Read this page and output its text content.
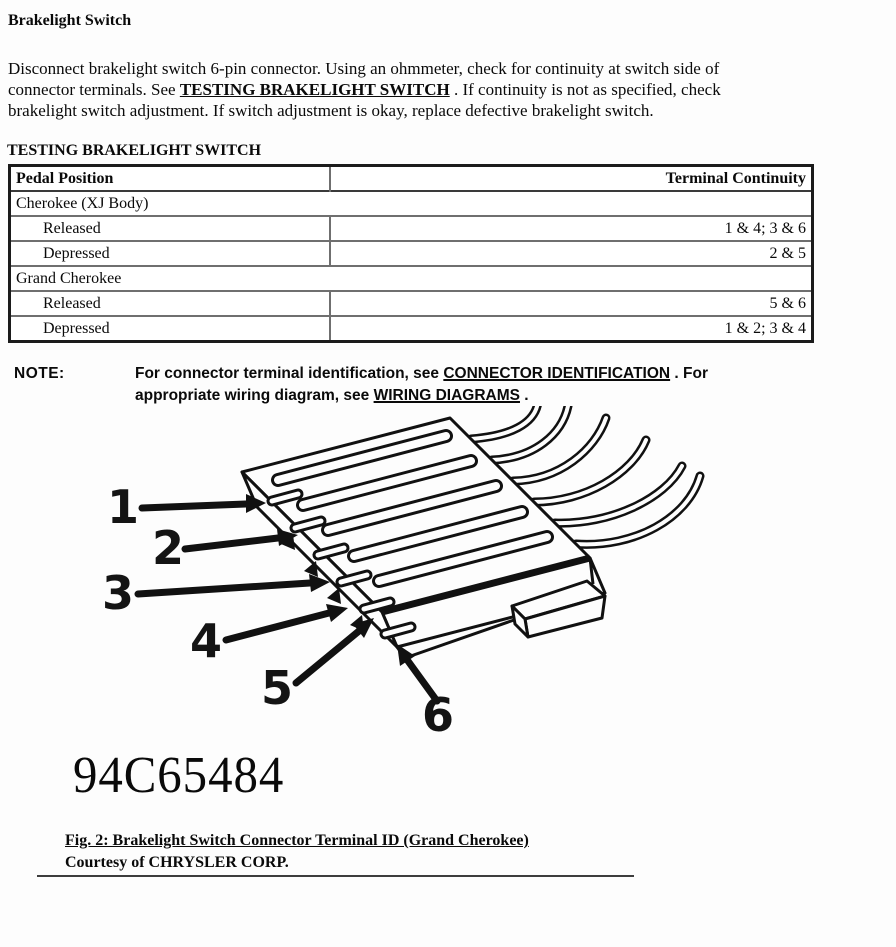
Brakelight Switch
Disconnect brakelight switch 6-pin connector. Using an ohmmeter, check for continuity at switch side of
connector terminals. See TESTING BRAKELIGHT SWITCH . If continuity is not as specified, check
brakelight switch adjustment. If switch adjustment is okay, replace defective brakelight switch.
TESTING BRAKELIGHT SWITCH
Pedal Position	Terminal Continuity
Cherokee (XJ Body)	
Released	1 & 4; 3 & 6
Depressed	2 & 5
Grand Cherokee	
Released	5 & 6
Depressed	1 & 2; 3 & 4
NOTE:	For connector terminal identification, see CONNECTOR IDENTIFICATION . For
appropriate wiring diagram, see WIRING DIAGRAMS .
1
2
3
4
5	6
94C65484
Fig. 2: Brakelight Switch Connector Terminal ID (Grand Cherokee)
Courtesy of CHRYSLER CORP.
